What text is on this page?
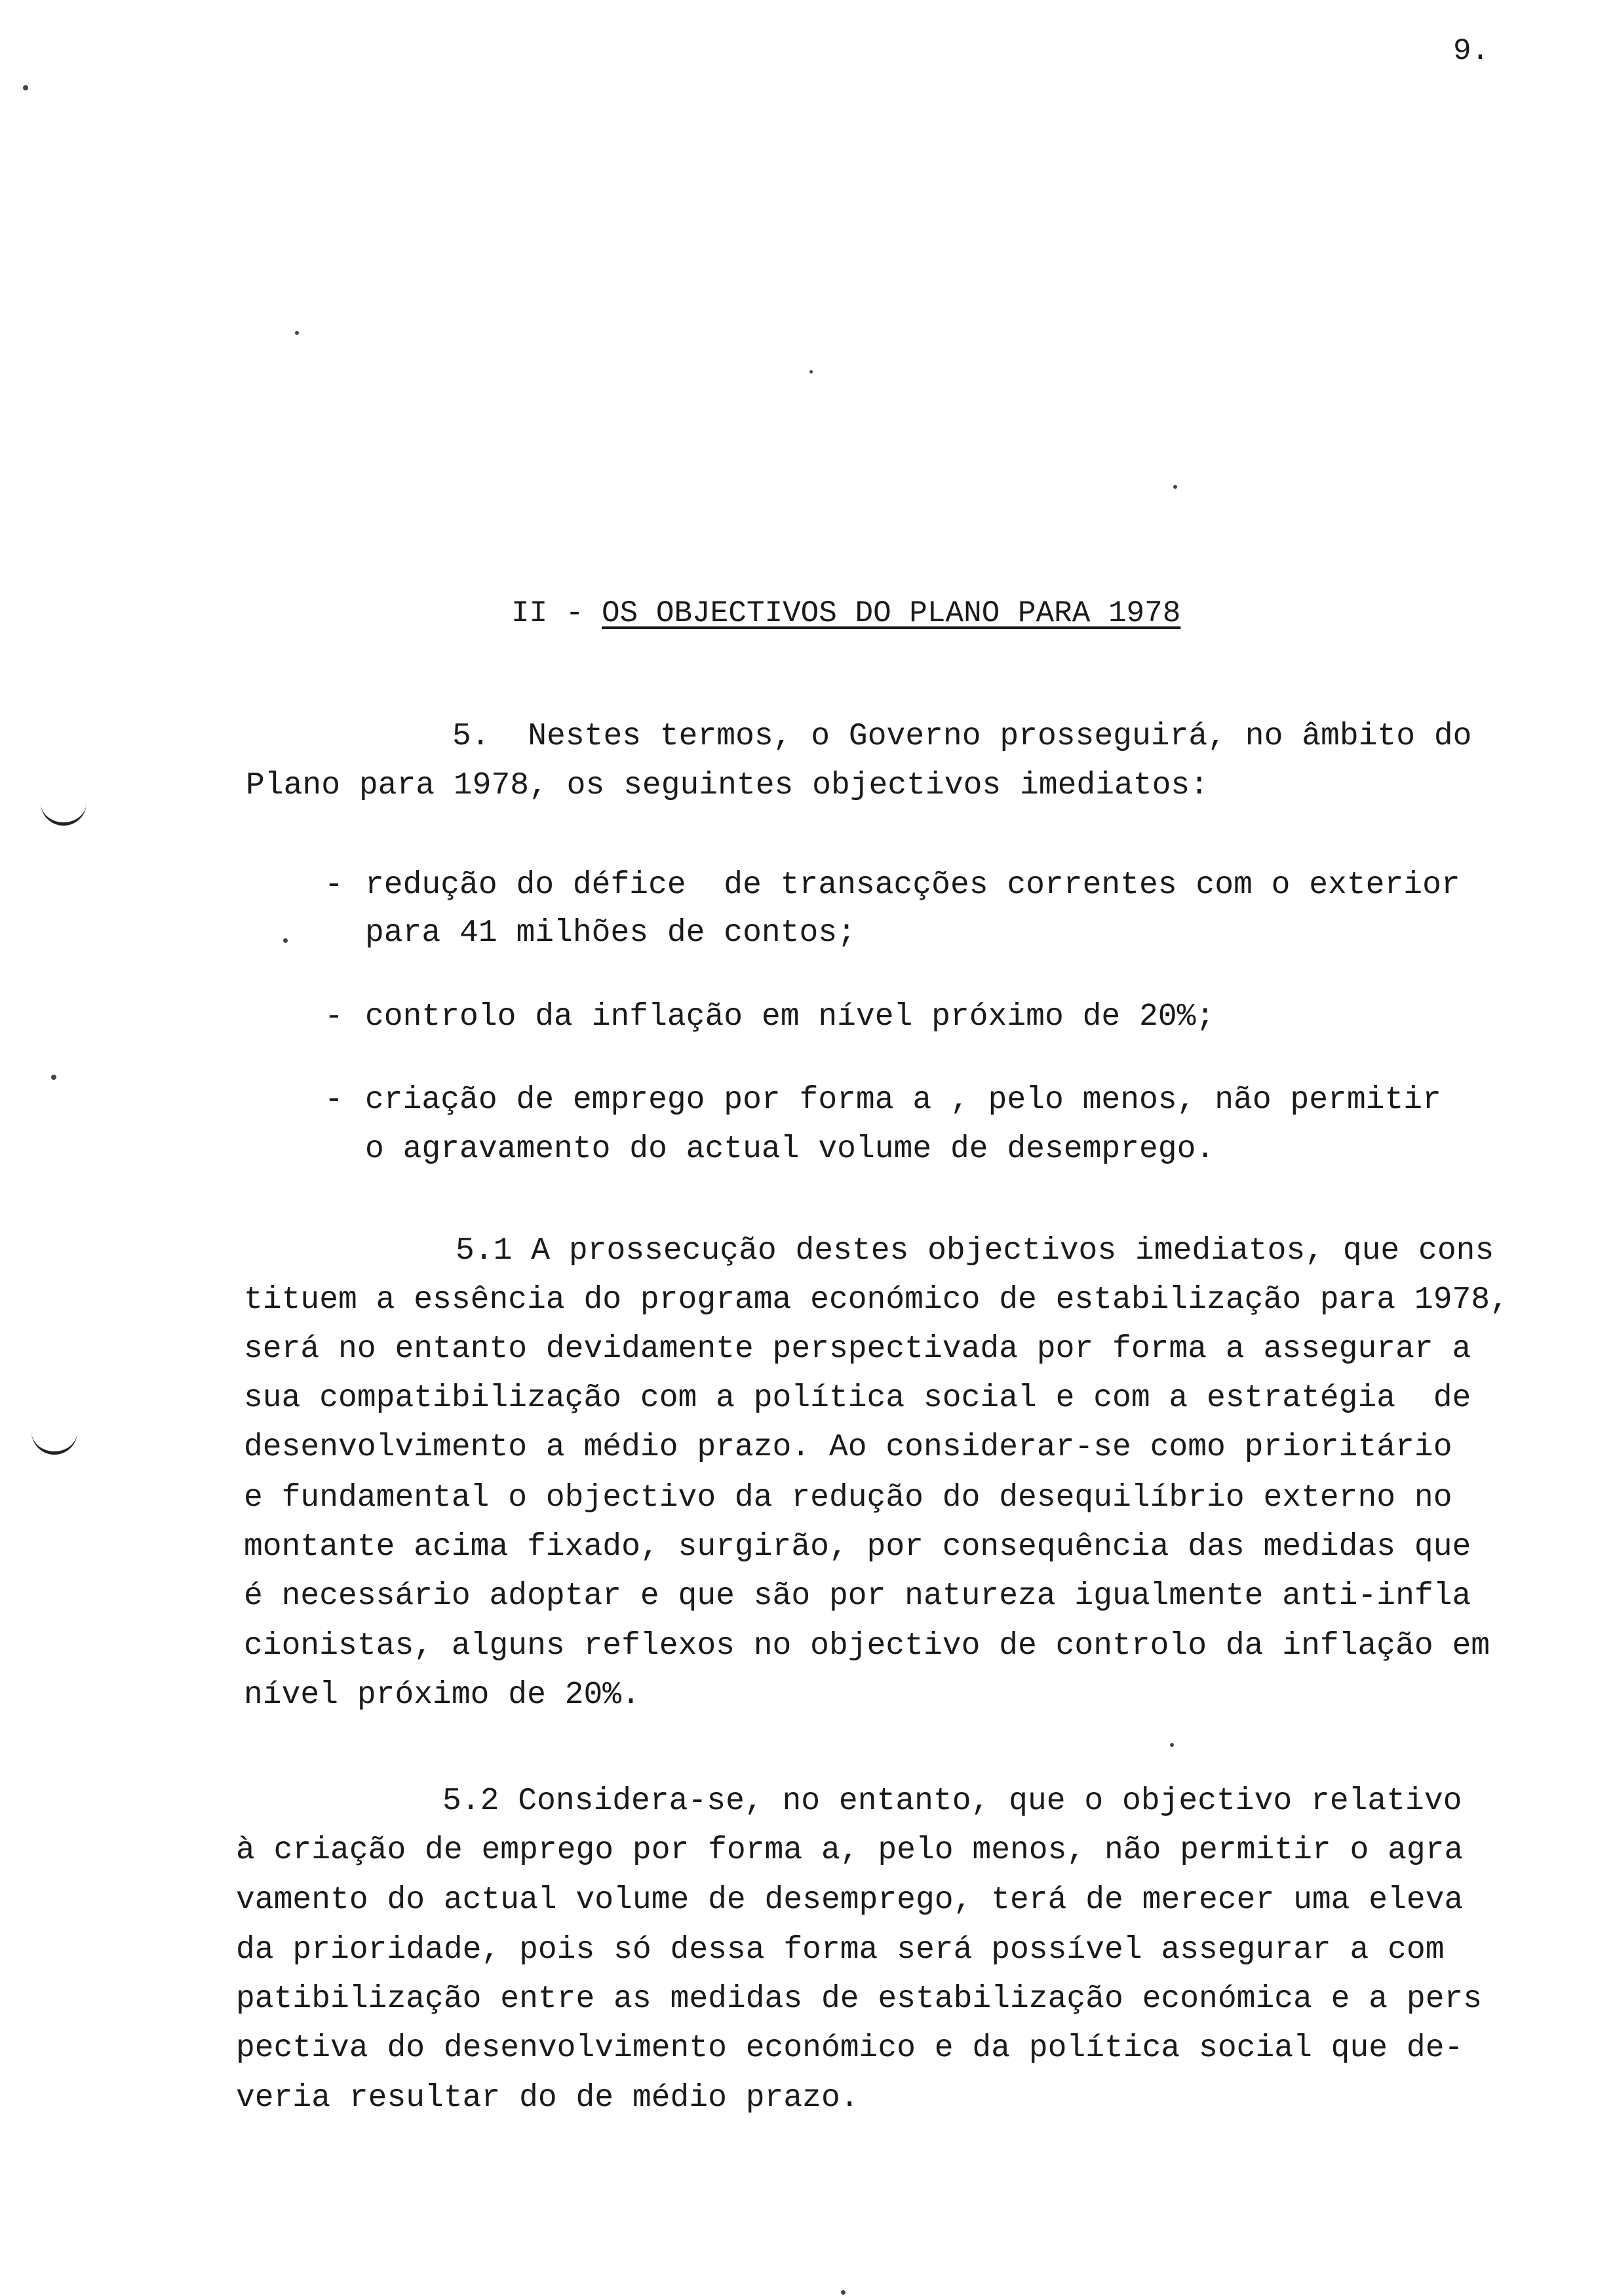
9.
II - OS OBJECTIVOS DO PLANO PARA 1978
5.  Nestes termos, o Governo prosseguirá, no âmbito do
Plano para 1978, os seguintes objectivos imediatos:
- redução do défice  de transacções correntes com o exterior
para 41 milhões de contos;
- controlo da inflação em nível próximo de 20%;
- criação de emprego por forma a , pelo menos, não permitir
o agravamento do actual volume de desemprego.
5.1 A prossecução destes objectivos imediatos, que cons
tituem a essência do programa económico de estabilização para 1978,
será no entanto devidamente perspectivada por forma a assegurar a
sua compatibilização com a política social e com a estratégia  de
desenvolvimento a médio prazo. Ao considerar-se como prioritário
e fundamental o objectivo da redução do desequilíbrio externo no
montante acima fixado, surgirão, por consequência das medidas que
é necessário adoptar e que são por natureza igualmente anti-infla
cionistas, alguns reflexos no objectivo de controlo da inflação em
nível próximo de 20%.
5.2 Considera-se, no entanto, que o objectivo relativo
à criação de emprego por forma a, pelo menos, não permitir o agra
vamento do actual volume de desemprego, terá de merecer uma eleva
da prioridade, pois só dessa forma será possível assegurar a com
patibilização entre as medidas de estabilização económica e a pers
pectiva do desenvolvimento económico e da política social que de-
veria resultar do de médio prazo.
